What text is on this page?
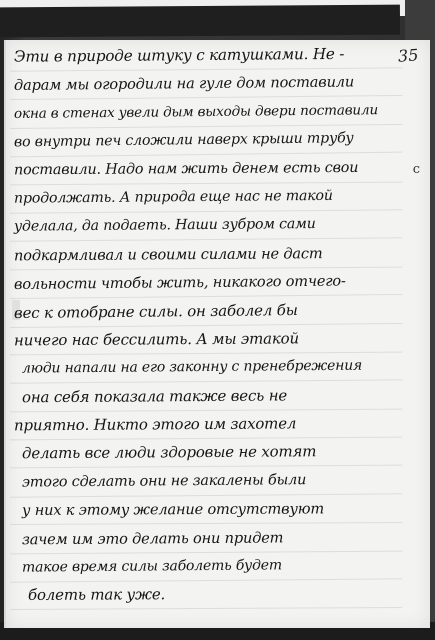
35
с
Эти в природе штуку с катушками. Не -
дарам мы огородили на гуле дом поставили
окна в стенах увели дым выходы двери поставили
во внутри печ сложили наверх крыши трубу
поставили. Надо нам жить денем есть свои
продолжать. А природа еще нас не такой
уделала, да подаеть. Наши зубром сами
подкармливал и своими силами не даст
вольности чтобы жить, никакого отчего-
вес к отобране силы. он заболел бы
ничего нас бессилить. А мы этакой
люди напали на его законну с пренебрежения
она себя показала также весь не
приятно. Никто этого им захотел
делать все люди здоровые не хотят
этого сделать они не закалены были
у них к этому желание отсутствуют
зачем им это делать они придет
такое время силы заболеть будет
болеть так уже.
